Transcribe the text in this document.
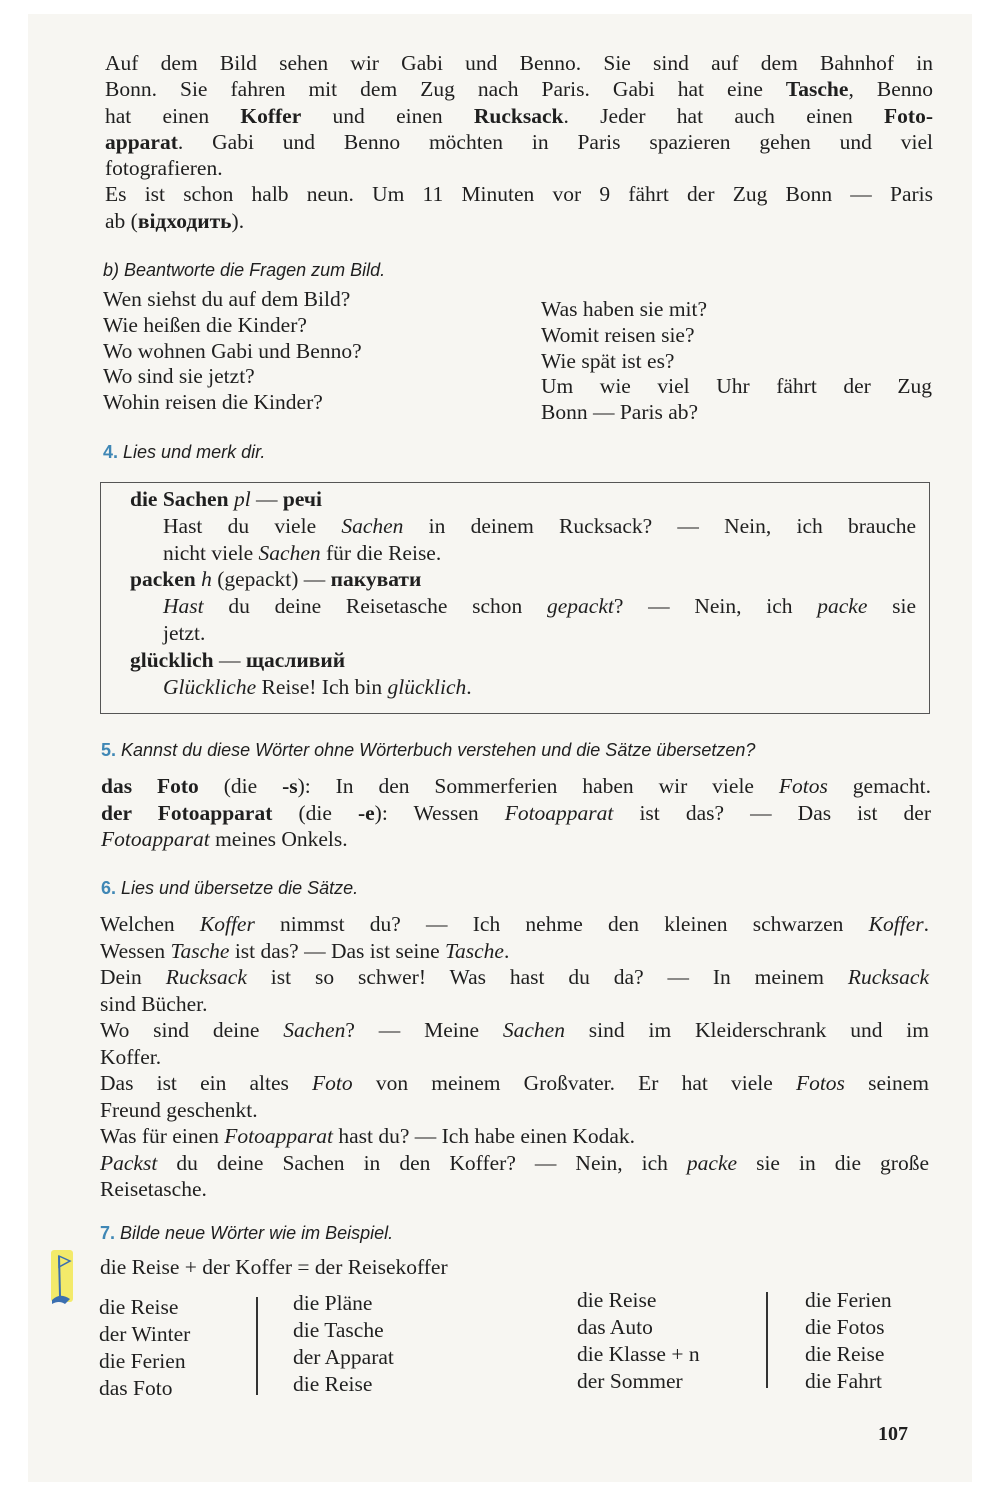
Auf dem Bild sehen wir Gabi und Benno. Sie sind auf dem Bahnhof in
Bonn. Sie fahren mit dem Zug nach Paris. Gabi hat eine Tasche, Benno
hat einen Koffer und einen Rucksack. Jeder hat auch einen Foto-
apparat. Gabi und Benno möchten in Paris spazieren gehen und viel
fotografieren.
Es ist schon halb neun. Um 11 Minuten vor 9 fährt der Zug Bonn — Paris
ab (відходить).
b) Beantworte die Fragen zum Bild.
Wen siehst du auf dem Bild?
Wie heißen die Kinder?
Wo wohnen Gabi und Benno?
Wo sind sie jetzt?
Wohin reisen die Kinder?
Was haben sie mit?
Womit reisen sie?
Wie spät ist es?
Um wie viel Uhr fährt der Zug
Bonn — Paris ab?
4. Lies und merk dir.
die Sachen pl — речі
Hast du viele Sachen in deinem Rucksack? — Nein, ich brauche
nicht viele Sachen für die Reise.
packen h (gepackt) — пакувати
Hast du deine Reisetasche schon gepackt? — Nein, ich packe sie
jetzt.
glücklich — щасливий
Glückliche Reise! Ich bin glücklich.
5. Kannst du diese Wörter ohne Wörterbuch verstehen und die Sätze übersetzen?
das Foto (die -s): In den Sommerferien haben wir viele Fotos gemacht.
der Fotoapparat (die -e): Wessen Fotoapparat ist das? — Das ist der
Fotoapparat meines Onkels.
6. Lies und übersetze die Sätze.
Welchen Koffer nimmst du? — Ich nehme den kleinen schwarzen Koffer.
Wessen Tasche ist das? — Das ist seine Tasche.
Dein Rucksack ist so schwer! Was hast du da? — In meinem Rucksack
sind Bücher.
Wo sind deine Sachen? — Meine Sachen sind im Kleiderschrank und im
Koffer.
Das ist ein altes Foto von meinem Großvater. Er hat viele Fotos seinem
Freund geschenkt.
Was für einen Fotoapparat hast du? — Ich habe einen Kodak.
Packst du deine Sachen in den Koffer? — Nein, ich packe sie in die große
Reisetasche.
7. Bilde neue Wörter wie im Beispiel.
die Reise + der Koffer = der Reisekoffer
die Reise
der Winter
die Ferien
das Foto
die Pläne
die Tasche
der Apparat
die Reise
die Reise
das Auto
die Klasse + n
der Sommer
die Ferien
die Fotos
die Reise
die Fahrt
107
